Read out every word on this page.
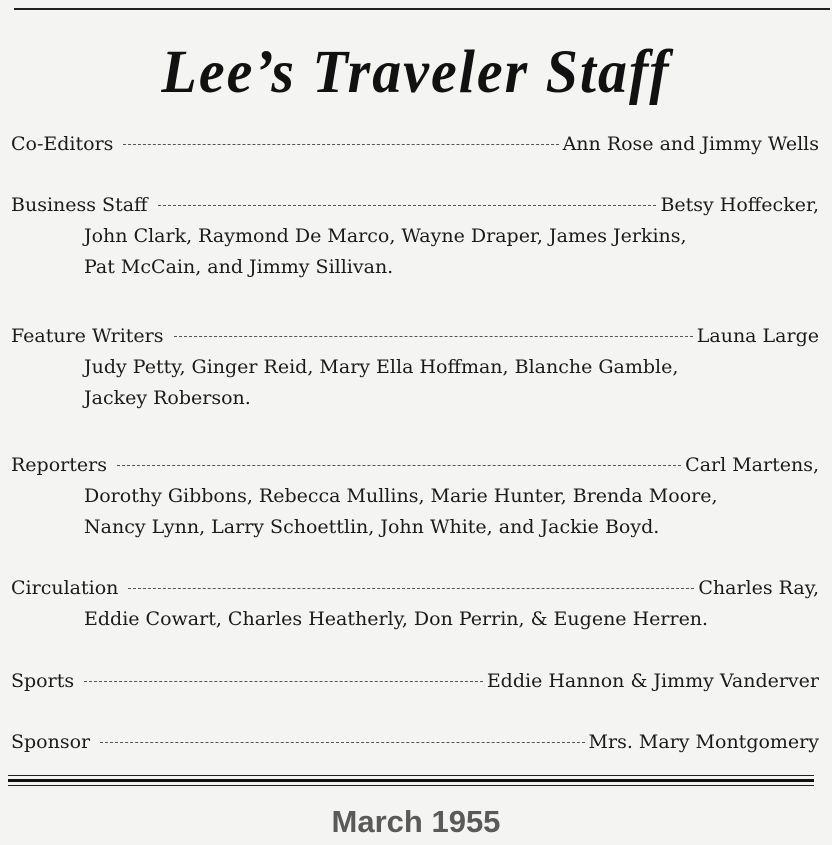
Lee’s Traveler Staff
Co-Editors	Ann Rose and Jimmy Wells
Business Staff	Betsy Hoffecker,
John Clark, Raymond De Marco, Wayne Draper, James Jerkins,
Pat McCain, and Jimmy Sillivan.
Feature Writers	Launa Large
Judy Petty, Ginger Reid, Mary Ella Hoffman, Blanche Gamble,
Jackey Roberson.
Reporters	Carl Martens,
Dorothy Gibbons, Rebecca Mullins, Marie Hunter, Brenda Moore,
Nancy Lynn, Larry Schoettlin, John White, and Jackie Boyd.
Circulation	Charles Ray,
Eddie Cowart, Charles Heatherly, Don Perrin, & Eugene Herren.
Sports	Eddie Hannon & Jimmy Vanderver
Sponsor	Mrs. Mary Montgomery
March 1955
